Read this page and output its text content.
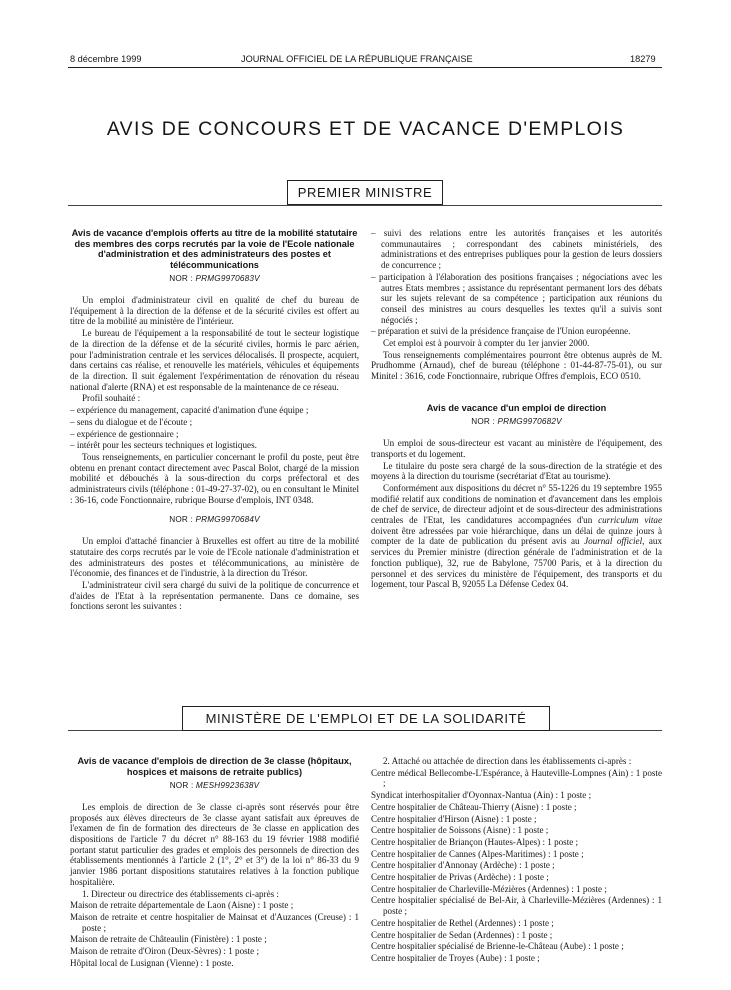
8 décembre 1999	JOURNAL OFFICIEL DE LA RÉPUBLIQUE FRANÇAISE	18279
AVIS DE CONCOURS ET DE VACANCE D'EMPLOIS
PREMIER MINISTRE
Avis de vacance d'emplois offerts au titre de la mobilité statutaire des membres des corps recrutés par la voie de l'Ecole nationale d'administration et des administrateurs des postes et télécommunications
NOR : PRMG9970683V

Un emploi d'administrateur civil en qualité de chef du bureau de l'équipement à la direction de la défense et de la sécurité civiles est offert au titre de la mobilité au ministère de l'intérieur.

Le bureau de l'équipement a la responsabilité de tout le secteur logistique de la direction de la défense et de la sécurité civiles, hormis le parc aérien, pour l'administration centrale et les services délocalisés. Il prospecte, acquiert, dans certains cas réalise, et renouvelle les matériels, véhicules et équipements de la direction. Il suit également l'expérimentation de rénovation du réseau national d'alerte (RNA) et est responsable de la maintenance de ce réseau.

Profil souhaité :

– expérience du management, capacité d'animation d'une équipe ;

– sens du dialogue et de l'écoute ;

– expérience de gestionnaire ;

– intérêt pour les secteurs techniques et logistiques.

Tous renseignements, en particulier concernant le profil du poste, peut être obtenu en prenant contact directement avec Pascal Bolot, chargé de la mission mobilité et débouchés à la sous-direction du corps préfectoral et des administrateurs civils (téléphone : 01-49-27-37-02), ou en consultant le Minitel : 36-16, code Fonctionnaire, rubrique Bourse d'emplois, INT 0348.

NOR : PRMG9970684V

Un emploi d'attaché financier à Bruxelles est offert au titre de la mobilité statutaire des corps recrutés par le voie de l'Ecole nationale d'administration et des administrateurs des postes et télécommunications, au ministère de l'économie, des finances et de l'industrie, à la direction du Trésor.

L'administrateur civil sera chargé du suivi de la politique de concurrence et d'aides de l'Etat à la représentation permanente. Dans ce domaine, ses fonctions seront les suivantes :

– suivi des relations entre les autorités françaises et les autorités communautaires ; correspondant des cabinets ministériels, des administrations et des entreprises publiques pour la gestion de leurs dossiers de concurrence ;

– participation à l'élaboration des positions françaises ; négociations avec les autres Etats membres ; assistance du représentant permanent lors des débats sur les sujets relevant de sa compétence ; participation aux réunions du conseil des ministres au cours desquelles les textes qu'il a suivis sont négociés ;

– préparation et suivi de la présidence française de l'Union européenne.

Cet emploi est à pourvoir à compter du 1er janvier 2000.

Tous renseignements complémentaires pourront être obtenus auprès de M. Prudhomme (Arnaud), chef de bureau (téléphone : 01-44-87-75-01), ou sur Minitel : 3616, code Fonctionnaire, rubrique Offres d'emplois, ECO 0510.

Avis de vacance d'un emploi de direction
NOR : PRMG9970682V

Un emploi de sous-directeur est vacant au ministère de l'équipement, des transports et du logement.

Le titulaire du poste sera chargé de la sous-direction de la stratégie et des moyens à la direction du tourisme (secrétariat d'Etat au tourisme).

Conformément aux dispositions du décret n° 55-1226 du 19 septembre 1955 modifié relatif aux conditions de nomination et d'avancement dans les emplois de chef de service, de directeur adjoint et de sous-directeur des administrations centrales de l'Etat, les candidatures accompagnées d'un curriculum vitae doivent être adressées par voie hiérarchique, dans un délai de quinze jours à compter de la date de publication du présent avis au Journal officiel, aux services du Premier ministre (direction générale de l'administration et de la fonction publique), 32, rue de Babylone, 75700 Paris, et à la direction du personnel et des services du ministère de l'équipement, des transports et du logement, tour Pascal B, 92055 La Défense Cedex 04.

MINISTÈRE DE L'EMPLOI ET DE LA SOLIDARITÉ
Avis de vacance d'emplois de direction de 3e classe (hôpitaux, hospices et maisons de retraite publics)
NOR : MESH9923638V

Les emplois de direction de 3e classe ci-après sont réservés pour être proposés aux élèves directeurs de 3e classe ayant satisfait aux épreuves de l'examen de fin de formation des directeurs de 3e classe en application des dispositions de l'article 7 du décret n° 88-163 du 19 février 1988 modifié portant statut particulier des grades et emplois des personnels de direction des établissements mentionnés à l'article 2 (1°, 2° et 3°) de la loi n° 86-33 du 9 janvier 1986 portant dispositions statutaires relatives à la fonction publique hospitalière.

1. Directeur ou directrice des établissements ci-après :

Maison de retraite départementale de Laon (Aisne) : 1 poste ;

Maison de retraite et centre hospitalier de Mainsat et d'Auzances (Creuse) : 1 poste ;

Maison de retraite de Châteaulin (Finistère) : 1 poste ;

Maison de retraite d'Oiron (Deux-Sèvres) : 1 poste ;

Hôpital local de Lusignan (Vienne) : 1 poste.

2. Attaché ou attachée de direction dans les établissements ci-après :

Centre médical Bellecombe-L'Espérance, à Hauteville-Lompnes (Ain) : 1 poste ;

Syndicat interhospitalier d'Oyonnax-Nantua (Ain) : 1 poste ;

Centre hospitalier de Château-Thierry (Aisne) : 1 poste ;

Centre hospitalier d'Hirson (Aisne) : 1 poste ;

Centre hospitalier de Soissons (Aisne) : 1 poste ;

Centre hospitalier de Briançon (Hautes-Alpes) : 1 poste ;

Centre hospitalier de Cannes (Alpes-Maritimes) : 1 poste ;

Centre hospitalier d'Annonay (Ardèche) : 1 poste ;

Centre hospitalier de Privas (Ardèche) : 1 poste ;

Centre hospitalier de Charleville-Mézières (Ardennes) : 1 poste ;

Centre hospitalier spécialisé de Bel-Air, à Charleville-Mézières (Ardennes) : 1 poste ;

Centre hospitalier de Rethel (Ardennes) : 1 poste ;

Centre hospitalier de Sedan (Ardennes) : 1 poste ;

Centre hospitalier spécialisé de Brienne-le-Château (Aube) : 1 poste ;

Centre hospitalier de Troyes (Aube) : 1 poste ;
